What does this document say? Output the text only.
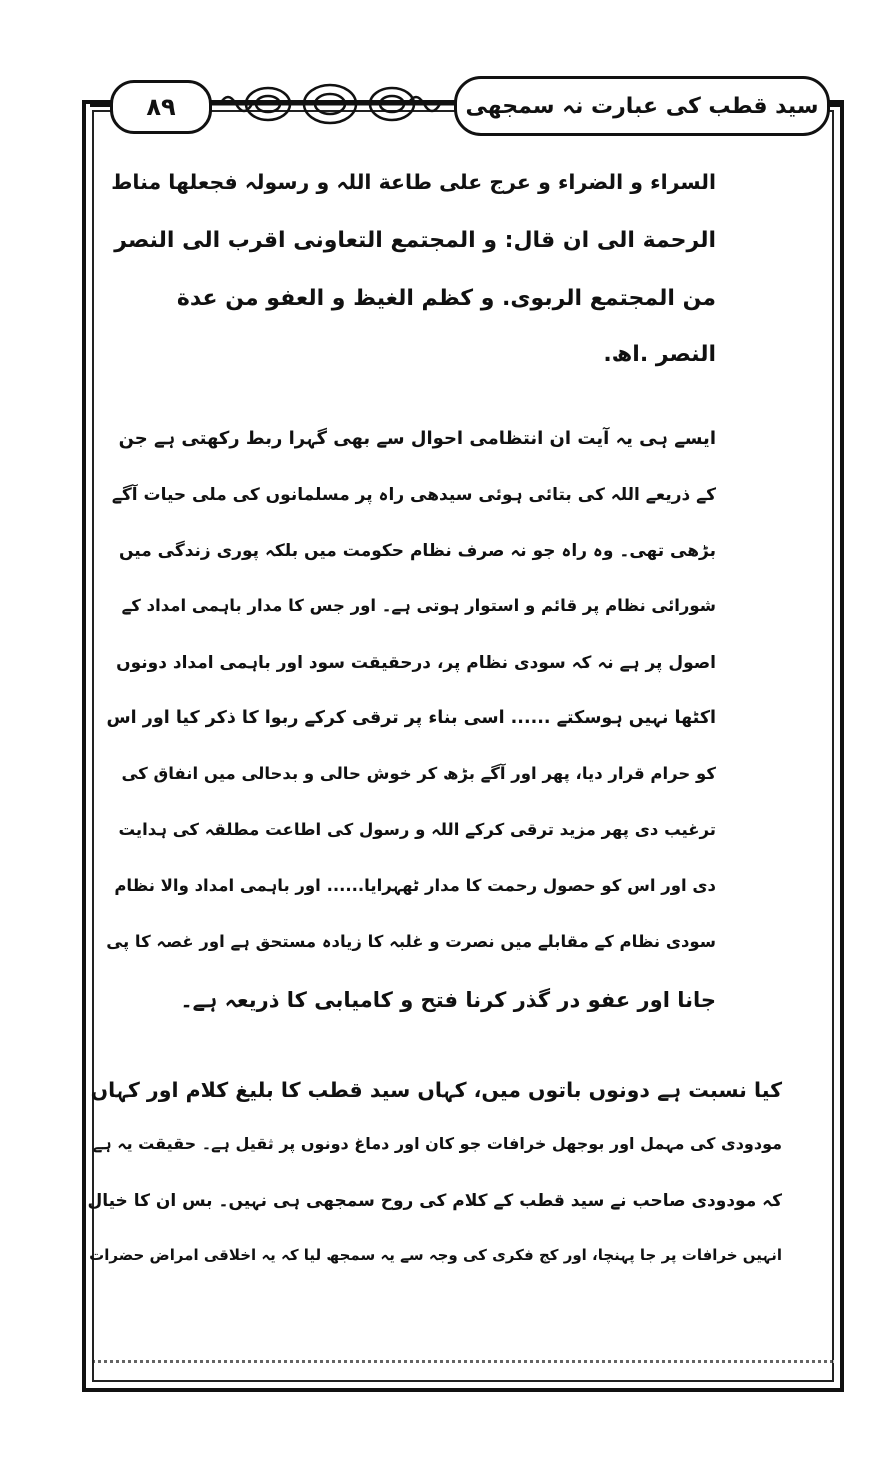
۸۹	سید قطب کی عبارت نہ سمجھی
السراء و الضراء و عرج علی طاعة اللہ و رسولہ فجعلها مناط
الرحمة الی ان قال: و المجتمع التعاونی اقرب الی النصر
من المجتمع الربوی. و کظم الغیظ و العفو من عدة
النصر .اھ.
ایسے ہی یہ آیت ان انتظامی احوال سے بھی گہرا ربط رکھتی ہے جن
کے ذریعے اللہ کی بتائی ہوئی سیدھی راہ پر مسلمانوں کی ملی حیات آگے
بڑھی تھی۔ وہ راہ جو نہ صرف نظام حکومت میں بلکہ پوری زندگی میں
شورائی نظام پر قائم و استوار ہوتی ہے۔ اور جس کا مدار باہمی امداد کے
اصول پر ہے نہ کہ سودی نظام پر، درحقیقت سود اور باہمی امداد دونوں
اکٹھا نہیں ہوسکتے ...... اسی بناء پر ترقی کرکے ربوا کا ذکر کیا اور اس
کو حرام قرار دیا، پھر اور آگے بڑھ کر خوش حالی و بدحالی میں انفاق کی
ترغیب دی پھر مزید ترقی کرکے اللہ و رسول کی اطاعت مطلقہ کی ہدایت
دی اور اس کو حصول رحمت کا مدار ٹھہرایا...... اور باہمی امداد والا نظام
سودی نظام کے مقابلے میں نصرت و غلبہ کا زیادہ مستحق ہے اور غصہ کا پی
جانا اور عفو در گذر کرنا فتح و کامیابی کا ذریعہ ہے۔
کیا نسبت ہے دونوں باتوں میں، کہاں سید قطب کا بلیغ کلام اور کہاں
مودودی کی مہمل اور بوجھل خرافات جو کان اور دماغ دونوں پر ثقیل ہے۔ حقیقت یہ ہے
کہ مودودی صاحب نے سید قطب کے کلام کی روح سمجھی ہی نہیں۔ بس ان کا خیال
انہیں خرافات پر جا پہنچا، اور کج فکری کی وجہ سے یہ سمجھ لیا کہ یہ اخلاقی امراض حضرات
